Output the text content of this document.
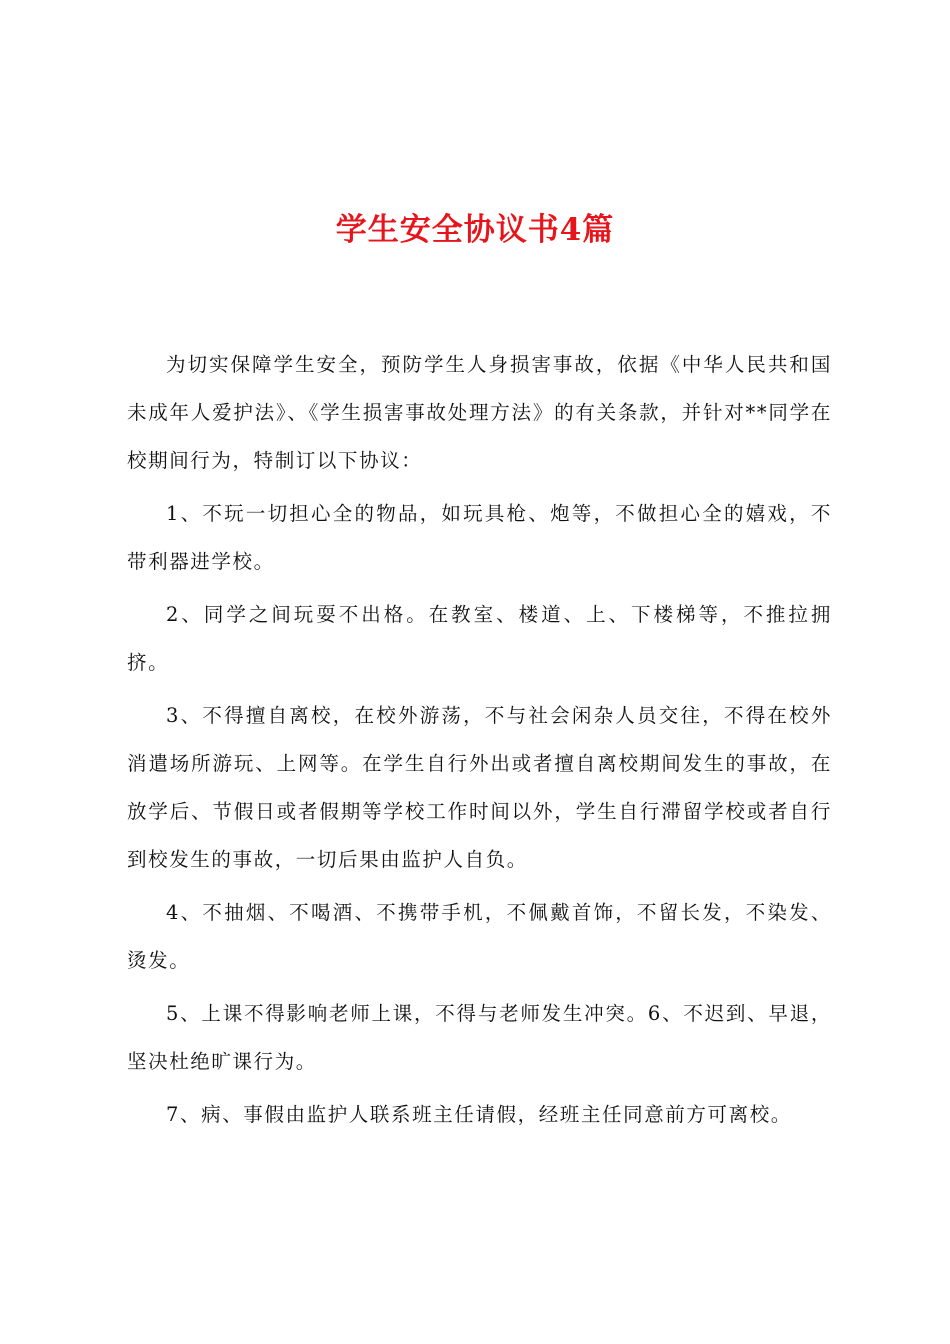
学生安全协议书4篇

为切实保障学生安全，预防学生人身损害事故，依据《中华人民共和国未成年人爱护法》、《学生损害事故处理方法》的有关条款，并针对**同学在校期间行为，特制订以下协议：

1、不玩一切担心全的物品，如玩具枪、炮等，不做担心全的嬉戏，不带利器进学校。

2、同学之间玩耍不出格。在教室、楼道、上、下楼梯等，不推拉拥挤。

3、不得擅自离校，在校外游荡，不与社会闲杂人员交往，不得在校外消遣场所游玩、上网等。在学生自行外出或者擅自离校期间发生的事故，在放学后、节假日或者假期等学校工作时间以外，学生自行滞留学校或者自行到校发生的事故，一切后果由监护人自负。

4、不抽烟、不喝酒、不携带手机，不佩戴首饰，不留长发，不染发、烫发。

5、上课不得影响老师上课，不得与老师发生冲突。6、不迟到、早退，坚决杜绝旷课行为。

7、病、事假由监护人联系班主任请假，经班主任同意前方可离校。
